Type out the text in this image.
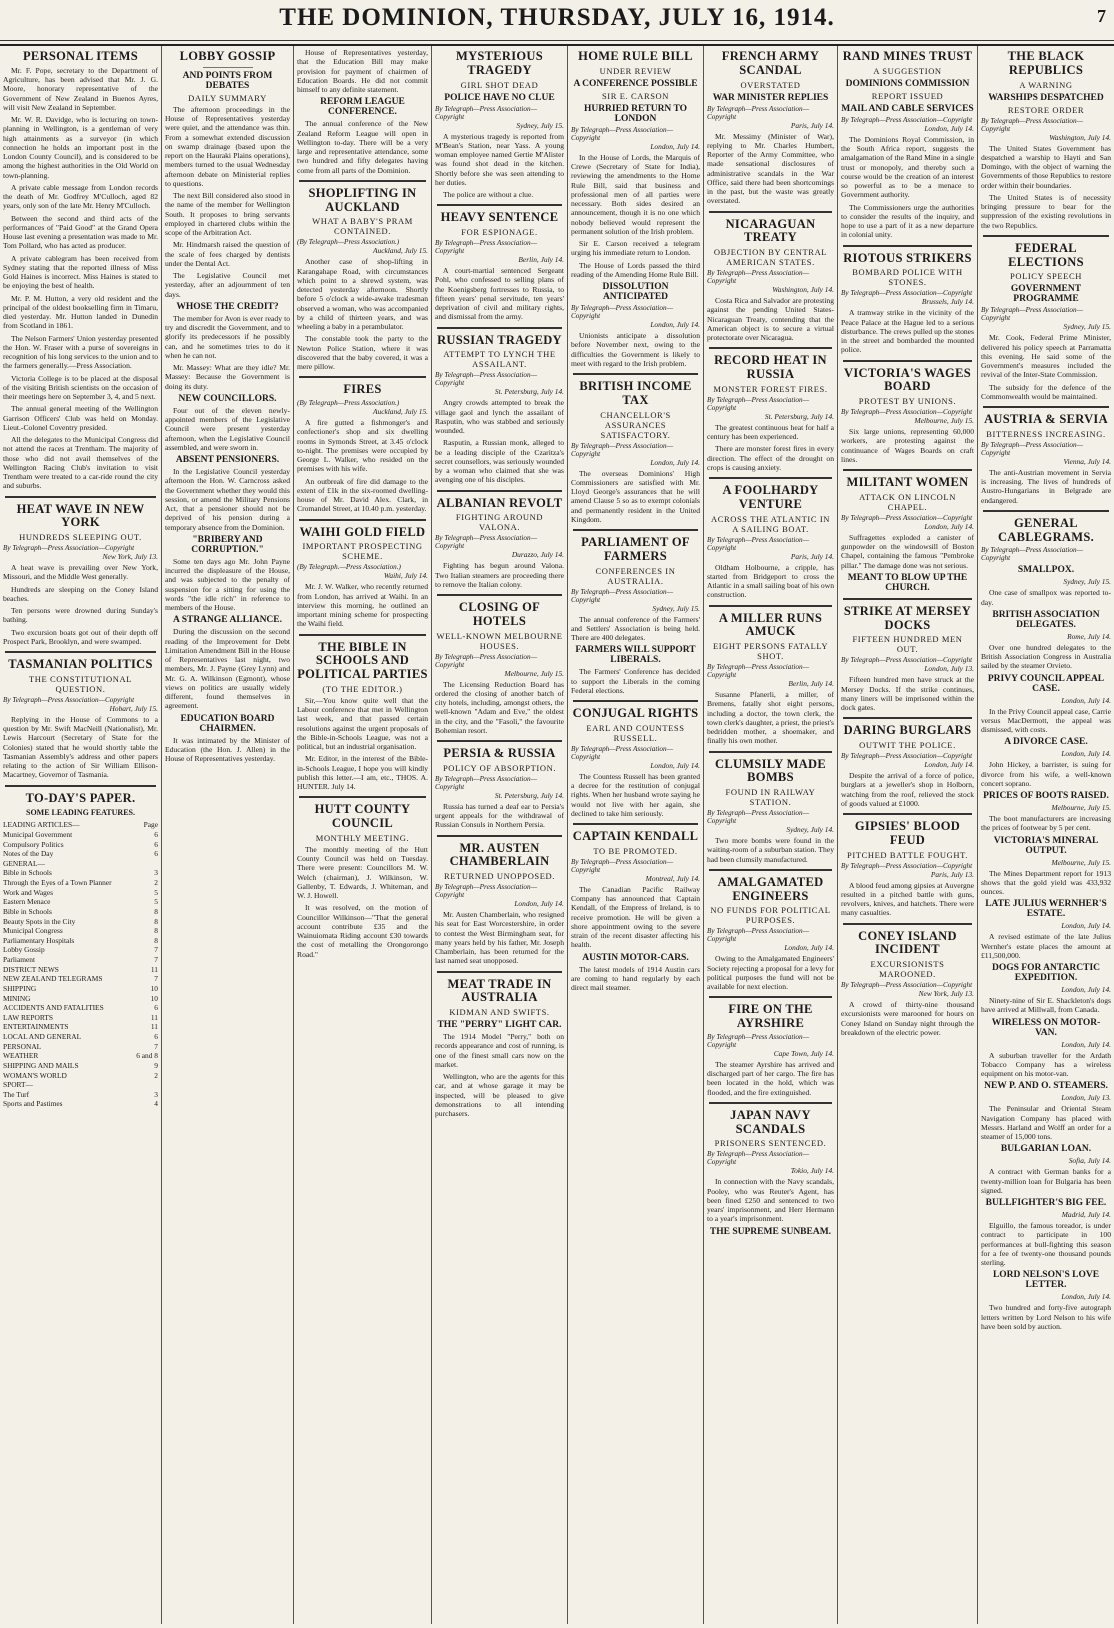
THE DOMINION, THURSDAY, JULY 16, 1914.	7
PERSONAL ITEMS

Mr. F. Pope, secretary to the Department of Agriculture, has been advised that Mr. J. G. Moore, honorary representative of the Government of New Zealand in Buenos Ayres, will visit New Zealand in September.

Mr. W. R. Davidge, who is lecturing on town-planning in Wellington, is a gentleman of very high attainments as a surveyor (in which connection he holds an important post in the London County Council), and is considered to be among the highest authorities in the Old World on town-planning.

A private cable message from London records the death of Mr. Godfrey M'Culloch, aged 82 years, only son of the late Mr. Henry M'Culloch.

Between the second and third acts of the performances of "Paid Good" at the Grand Opera House last evening a presentation was made to Mr. Tom Pollard, who has acted as producer.

A private cablegram has been received from Sydney stating that the reported illness of Miss Gold Haines is incorrect. Miss Haines is stated to be enjoying the best of health.

Mr. P. M. Hutton, a very old resident and the principal of the oldest bookselling firm in Timaru, died yesterday. Mr. Hutton landed in Dunedin from Scotland in 1861.

The Nelson Farmers' Union yesterday presented the Hon. W. Fraser with a purse of sovereigns in recognition of his long services to the union and to the farmers generally.—Press Association.

Victoria College is to be placed at the disposal of the visiting British scientists on the occasion of their meetings here on September 3, 4, and 5 next.

The annual general meeting of the Wellington Garrison Officers' Club was held on Monday. Lieut.-Colonel Coventry presided.

All the delegates to the Municipal Congress did not attend the races at Trentham. The majority of those who did not avail themselves of the Wellington Racing Club's invitation to visit Trentham were treated to a car-ride round the city and suburbs.

HEAT WAVE IN NEW YORK
HUNDREDS SLEEPING OUT.
By Telegraph—Press Association—Copyright
New York, July 13.

A heat wave is prevailing over New York, Missouri, and the Middle West generally.

Hundreds are sleeping on the Coney Island beaches.

Ten persons were drowned during Sunday's bathing.

Two excursion boats got out of their depth off Prospect Park, Brooklyn, and were swamped.

TASMANIAN POLITICS
THE CONSTITUTIONAL QUESTION.
By Telegraph—Press Association—Copyright
Hobart, July 15.

Replying in the House of Commons to a question by Mr. Swift MacNeill (Nationalist), Mr. Lewis Harcourt (Secretary of State for the Colonies) stated that he would shortly table the Tasmanian Assembly's address and other papers relating to the action of Sir William Ellison-Macartney, Governor of Tasmania.

TO-DAY'S PAPER.
SOME LEADING FEATURES.
LEADING ARTICLES—	Page
Municipal Government	6
Compulsory Politics	6
Notes of the Day	6
GENERAL—
Bible in Schools	3
Through the Eyes of a Town Planner	2
Work and Wages	5
Eastern Menace	5
Bible in Schools	8
Beauty Spots in the City	8
Municipal Congress	8
Parliamentary Hospitals	8
Lobby Gossip	7
Parliament	7
DISTRICT NEWS	11
NEW ZEALAND TELEGRAMS	7
SHIPPING	10
MINING	10
ACCIDENTS AND FATALITIES	6
LAW REPORTS	11
ENTERTAINMENTS	11
LOCAL AND GENERAL	6
PERSONAL	7
WEATHER	6 and 8
SHIPPING AND MAILS	9
WOMAN'S WORLD	2
SPORT—
The Turf	3
Sports and Pastimes	4
LOBBY GOSSIP
AND POINTS FROM DEBATES
DAILY SUMMARY

The afternoon proceedings in the House of Representatives yesterday were quiet, and the attendance was thin. From a somewhat extended discussion on swamp drainage (based upon the report on the Hauraki Plains operations), members turned to the usual Wednesday afternoon debate on Ministerial replies to questions.

The next Bill considered also stood in the name of the member for Wellington South. It proposes to bring servants employed in chartered clubs within the scope of the Arbitration Act.

Mr. Hindmarsh raised the question of the scale of fees charged by dentists under the Dental Act.

The Legislative Council met yesterday, after an adjournment of ten days.

WHOSE THE CREDIT?

The member for Avon is ever ready to try and discredit the Government, and to glorify its predecessors if he possibly can, and he sometimes tries to do it when he can not.

Mr. Massey: What are they idle? Mr. Massey: Because the Government is doing its duty.

NEW COUNCILLORS.

Four out of the eleven newly-appointed members of the Legislative Council were present yesterday afternoon, when the Legislative Council assembled, and were sworn in.

ABSENT PENSIONERS.

In the Legislative Council yesterday afternoon the Hon. W. Carncross asked the Government whether they would this session, or amend the Military Pensions Act, that a pensioner should not be deprived of his pension during a temporary absence from the Dominion.

"BRIBERY AND CORRUPTION."

Some ten days ago Mr. John Payne incurred the displeasure of the House, and was subjected to the penalty of suspension for a sitting for using the words "the idle rich" in reference to members of the House.

A STRANGE ALLIANCE.

During the discussion on the second reading of the Improvement for Debt Limitation Amendment Bill in the House of Representatives last night, two members, Mr. J. Payne (Grey Lynn) and Mr. G. A. Wilkinson (Egmont), whose views on politics are usually widely different, found themselves in agreement.

EDUCATION BOARD CHAIRMEN.

It was intimated by the Minister of Education (the Hon. J. Allen) in the House of Representatives yesterday.

House of Representatives yesterday, that the Education Bill may make provision for payment of chairmen of Education Boards. He did not commit himself to any definite statement.

REFORM LEAGUE CONFERENCE.

The annual conference of the New Zealand Reform League will open in Wellington to-day. There will be a very large and representative attendance, some two hundred and fifty delegates having come from all parts of the Dominion.

SHOPLIFTING IN AUCKLAND
WHAT A BABY'S PRAM CONTAINED.
(By Telegraph—Press Association.)
Auckland, July 15.

Another case of shop-lifting in Karangahape Road, with circumstances which point to a shrewd system, was detected yesterday afternoon. Shortly before 5 o'clock a wide-awake tradesman observed a woman, who was accompanied by a child of thirteen years, and was wheeling a baby in a perambulator.

The constable took the party to the Newton Police Station, where it was discovered that the baby covered, it was a mere pillow.

FIRES
(By Telegraph—Press Association.)
Auckland, July 15.

A fire gutted a fishmonger's and confectioner's shop and six dwelling rooms in Symonds Street, at 3.45 o'clock to-night. The premises were occupied by George L. Walker, who resided on the premises with his wife.

An outbreak of fire did damage to the extent of £1k in the six-roomed dwelling-house of Mr. David Alex. Clark, in Cromandel Street, at 10.40 p.m. yesterday.

WAIHI GOLD FIELD
IMPORTANT PROSPECTING SCHEME.
(By Telegraph.—Press Association.)
Waihi, July 14.

Mr. J. W. Walker, who recently returned from London, has arrived at Waihi. In an interview this morning, he outlined an important mining scheme for prospecting the Waihi field.

THE BIBLE IN SCHOOLS AND POLITICAL PARTIES
(TO THE EDITOR.)

Sir,—You know quite well that the Labour conference that met in Wellington last week, and that passed certain resolutions against the urgent proposals of the Bible-in-Schools League, was not a political, but an industrial organisation.

Mr. Editor, in the interest of the Bible-in-Schools League, I hope you will kindly publish this letter.—I am, etc., THOS. A. HUNTER. July 14.

HUTT COUNTY COUNCIL
MONTHLY MEETING.

The monthly meeting of the Hutt County Council was held on Tuesday. There were present: Councillors M. W. Welch (chairman), J. Wilkinson, W. Gallenby, T. Edwards, J. Whiteman, and W. J. Howell.

It was resolved, on the motion of Councillor Wilkinson—"That the general account contribute £35 and the Wainuiomata Riding account £30 towards the cost of metalling the Orongorongo Road."

MYSTERIOUS TRAGEDY
GIRL SHOT DEAD
POLICE HAVE NO CLUE
By Telegraph—Press Association—Copyright
Sydney, July 15.

A mysterious tragedy is reported from M'Bean's Station, near Yass. A young woman employee named Gertie M'Alister was found shot dead in the kitchen. Shortly before she was seen attending to her duties.

The police are without a clue.

HEAVY SENTENCE
FOR ESPIONAGE.
By Telegraph—Press Association—Copyright
Berlin, July 14.

A court-martial sentenced Sergeant Pohl, who confessed to selling plans of the Koenigsberg fortresses to Russia, to fifteen years' penal servitude, ten years' deprivation of civil and military rights, and dismissal from the army.

RUSSIAN TRAGEDY
ATTEMPT TO LYNCH THE ASSAILANT.
By Telegraph—Press Association—Copyright
St. Petersburg, July 14.

Angry crowds attempted to break the village gaol and lynch the assailant of Rasputin, who was stabbed and seriously wounded.

Rasputin, a Russian monk, alleged to be a leading disciple of the Czaritza's secret counsellors, was seriously wounded by a woman who claimed that she was avenging one of his disciples.

ALBANIAN REVOLT
FIGHTING AROUND VALONA.
By Telegraph—Press Association—Copyright
Durazzo, July 14.

Fighting has begun around Valona. Two Italian steamers are proceeding there to remove the Italian colony.

CLOSING OF HOTELS
WELL-KNOWN MELBOURNE HOUSES.
By Telegraph—Press Association—Copyright
Melbourne, July 15.

The Licensing Reduction Board has ordered the closing of another batch of city hotels, including, amongst others, the well-known "Adam and Eve," the oldest in the city, and the "Fasoli," the favourite Bohemian resort.

PERSIA & RUSSIA
POLICY OF ABSORPTION.
By Telegraph—Press Association—Copyright
St. Petersburg, July 14.

Russia has turned a deaf ear to Persia's urgent appeals for the withdrawal of Russian Consuls in Northern Persia.

MR. AUSTEN CHAMBERLAIN
RETURNED UNOPPOSED.
By Telegraph—Press Association—Copyright
London, July 14.

Mr. Austen Chamberlain, who resigned his seat for East Worcestershire, in order to contest the West Birmingham seat, for many years held by his father, Mr. Joseph Chamberlain, has been returned for the last named seat unopposed.

MEAT TRADE IN AUSTRALIA
KIDMAN AND SWIFTS.
THE "PERRY" LIGHT CAR.

The 1914 Model "Perry," both on records appearance and cost of running, is one of the finest small cars now on the market.

Wellington, who are the agents for this car, and at whose garage it may be inspected, will be pleased to give demonstrations to all intending purchasers.

HOME RULE BILL
UNDER REVIEW
A CONFERENCE POSSIBLE
SIR E. CARSON
HURRIED RETURN TO LONDON
By Telegraph—Press Association—Copyright
London, July 14.

In the House of Lords, the Marquis of Crewe (Secretary of State for India), reviewing the amendments to the Home Rule Bill, said that business and professional men of all parties were necessary. Both sides desired an announcement, though it is no one which nobody believed would represent the permanent solution of the Irish problem.

Sir E. Carson received a telegram urging his immediate return to London.

The House of Lords passed the third reading of the Amending Home Rule Bill.

DISSOLUTION ANTICIPATED
By Telegraph—Press Association—Copyright
London, July 14.

Unionists anticipate a dissolution before November next, owing to the difficulties the Government is likely to meet with regard to the Irish problem.

BRITISH INCOME TAX
CHANCELLOR'S ASSURANCES SATISFACTORY.
By Telegraph—Press Association—Copyright
London, July 14.

The overseas Dominions' High Commissioners are satisfied with Mr. Lloyd George's assurances that he will amend Clause 5 so as to exempt colonials and permanently resident in the United Kingdom.

PARLIAMENT OF FARMERS
CONFERENCES IN AUSTRALIA.
By Telegraph—Press Association—Copyright
Sydney, July 15.

The annual conference of the Farmers' and Settlers' Association is being held. There are 400 delegates.

FARMERS WILL SUPPORT LIBERALS.

The Farmers' Conference has decided to support the Liberals in the coming Federal elections.

CONJUGAL RIGHTS
EARL AND COUNTESS RUSSELL.
By Telegraph—Press Association—Copyright
London, July 14.

The Countess Russell has been granted a decree for the restitution of conjugal rights. When her husband wrote saying he would not live with her again, she declined to take him seriously.

CAPTAIN KENDALL
TO BE PROMOTED.
By Telegraph—Press Association—Copyright
Montreal, July 14.

The Canadian Pacific Railway Company has announced that Captain Kendall, of the Empress of Ireland, is to receive promotion. He will be given a shore appointment owing to the severe strain of the recent disaster affecting his health.

AUSTIN MOTOR-CARS.

The latest models of 1914 Austin cars are coming to hand regularly by each direct mail steamer.

FRENCH ARMY SCANDAL
OVERSTATED
WAR MINISTER REPLIES
By Telegraph—Press Association—Copyright
Paris, July 14.

Mr. Messimy (Minister of War), replying to Mr. Charles Humbert, Reporter of the Army Committee, who made sensational disclosures of administrative scandals in the War Office, said there had been shortcomings in the past, but the waste was greatly overstated.

NICARAGUAN TREATY
OBJECTION BY CENTRAL AMERICAN STATES.
By Telegraph—Press Association—Copyright
Washington, July 14.

Costa Rica and Salvador are protesting against the pending United States-Nicaraguan Treaty, contending that the American object is to secure a virtual protectorate over Nicaragua.

RECORD HEAT IN RUSSIA
MONSTER FOREST FIRES.
By Telegraph—Press Association—Copyright
St. Petersburg, July 14.

The greatest continuous heat for half a century has been experienced.

There are monster forest fires in every direction. The effect of the drought on crops is causing anxiety.

A FOOLHARDY VENTURE
ACROSS THE ATLANTIC IN A SAILING BOAT.
By Telegraph—Press Association—Copyright
Paris, July 14.

Oldham Holbourne, a cripple, has started from Bridgeport to cross the Atlantic in a small sailing boat of his own construction.

A MILLER RUNS AMUCK
EIGHT PERSONS FATALLY SHOT.
By Telegraph—Press Association—Copyright
Berlin, July 14.

Susanne Pfanerli, a miller, of Bremens, fatally shot eight persons, including a doctor, the town clerk, the town clerk's daughter, a priest, the priest's bedridden mother, a shoemaker, and finally his own mother.

CLUMSILY MADE BOMBS
FOUND IN RAILWAY STATION.
By Telegraph—Press Association—Copyright
Sydney, July 14.

Two more bombs were found in the waiting-room of a suburban station. They had been clumsily manufactured.

AMALGAMATED ENGINEERS
NO FUNDS FOR POLITICAL PURPOSES.
By Telegraph—Press Association—Copyright
London, July 14.

Owing to the Amalgamated Engineers' Society rejecting a proposal for a levy for political purposes the fund will not be available for next election.

FIRE ON THE AYRSHIRE
By Telegraph—Press Association—Copyright
Cape Town, July 14.

The steamer Ayrshire has arrived and discharged part of her cargo. The fire has been located in the hold, which was flooded, and the fire extinguished.

JAPAN NAVY SCANDALS
PRISONERS SENTENCED.
By Telegraph—Press Association—Copyright
Tokio, July 14.

In connection with the Navy scandals, Pooley, who was Reuter's Agent, has been fined £250 and sentenced to two years' imprisonment, and Herr Hermann to a year's imprisonment.

THE SUPREME SUNBEAM.
RAND MINES TRUST
A SUGGESTION
DOMINIONS COMMISSION
REPORT ISSUED
MAIL AND CABLE SERVICES
By Telegraph—Press Association—Copyright
London, July 14.

The Dominions Royal Commission, in the South Africa report, suggests the amalgamation of the Rand Mine in a single trust or monopoly, and thereby such a course would be the creation of an interest so powerful as to be a menace to Government authority.

The Commissioners urge the authorities to consider the results of the inquiry, and hope to use a part of it as a new departure in colonial unity.

RIOTOUS STRIKERS
BOMBARD POLICE WITH STONES.
By Telegraph—Press Association—Copyright
Brussels, July 14.

A tramway strike in the vicinity of the Peace Palace at the Hague led to a serious disturbance. The crews pulled up the stones in the street and bombarded the mounted police.

VICTORIA'S WAGES BOARD
PROTEST BY UNIONS.
By Telegraph—Press Association—Copyright
Melbourne, July 15.

Six large unions, representing 60,000 workers, are protesting against the continuance of Wages Boards on craft lines.

MILITANT WOMEN
ATTACK ON LINCOLN CHAPEL.
By Telegraph—Press Association—Copyright
London, July 14.

Suffragettes exploded a canister of gunpowder on the windowsill of Boston Chapel, containing the famous "Pembroke pillar." The damage done was not serious.

MEANT TO BLOW UP THE CHURCH.
STRIKE AT MERSEY DOCKS
FIFTEEN HUNDRED MEN OUT.
By Telegraph—Press Association—Copyright
London, July 13.

Fifteen hundred men have struck at the Mersey Docks. If the strike continues, many liners will be imprisoned within the dock gates.

DARING BURGLARS
OUTWIT THE POLICE.
By Telegraph—Press Association—Copyright
London, July 14.

Despite the arrival of a force of police, burglars at a jeweller's shop in Holborn, watching from the roof, relieved the stock of goods valued at £1000.

GIPSIES' BLOOD FEUD
PITCHED BATTLE FOUGHT.
By Telegraph—Press Association—Copyright
Paris, July 13.

A blood feud among gipsies at Auvergne resulted in a pitched battle with guns, revolvers, knives, and hatchets. There were many casualties.

CONEY ISLAND INCIDENT
EXCURSIONISTS MAROONED.
By Telegraph—Press Association—Copyright
New York, July 13.

A crowd of thirty-nine thousand excursionists were marooned for hours on Coney Island on Sunday night through the breakdown of the electric power.

THE BLACK REPUBLICS
A WARNING
WARSHIPS DESPATCHED
RESTORE ORDER
By Telegraph—Press Association—Copyright
Washington, July 14.

The United States Government has despatched a warship to Hayti and San Domingo, with the object of warning the Governments of those Republics to restore order within their boundaries.

The United States is of necessity bringing pressure to bear for the suppression of the existing revolutions in the two Republics.

FEDERAL ELECTIONS
POLICY SPEECH
GOVERNMENT PROGRAMME
By Telegraph—Press Association—Copyright
Sydney, July 15.

Mr. Cook, Federal Prime Minister, delivered his policy speech at Parramatta this evening. He said some of the Government's measures included the revival of the Inter-State Commission.

The subsidy for the defence of the Commonwealth would be maintained.

AUSTRIA & SERVIA
BITTERNESS INCREASING.
By Telegraph—Press Association—Copyright
Vienna, July 14.

The anti-Austrian movement in Servia is increasing. The lives of hundreds of Austro-Hungarians in Belgrade are endangered.

GENERAL CABLEGRAMS.
By Telegraph—Press Association—Copyright
SMALLPOX.
Sydney, July 15.

One case of smallpox was reported to-day.

BRITISH ASSOCIATION DELEGATES.
Rome, July 14.

Over one hundred delegates to the British Association Congress in Australia sailed by the steamer Orvieto.

PRIVY COUNCIL APPEAL CASE.
London, July 14.

In the Privy Council appeal case, Carrie versus MacDermott, the appeal was dismissed, with costs.

A DIVORCE CASE.
London, July 14.

John Hickey, a barrister, is suing for divorce from his wife, a well-known concert soprano.

PRICES OF BOOTS RAISED.
Melbourne, July 15.

The boot manufacturers are increasing the prices of footwear by 5 per cent.

VICTORIA'S MINERAL OUTPUT.
Melbourne, July 15.

The Mines Department report for 1913 shows that the gold yield was 433,932 ounces.

LATE JULIUS WERNHER'S ESTATE.
London, July 14.

A revised estimate of the late Julius Wernher's estate places the amount at £11,500,000.

DOGS FOR ANTARCTIC EXPEDITION.
London, July 14.

Ninety-nine of Sir E. Shackleton's dogs have arrived at Millwall, from Canada.

WIRELESS ON MOTOR-VAN.
London, July 14.

A suburban traveller for the Ardath Tobacco Company has a wireless equipment on his motor-van.

NEW P. AND O. STEAMERS.
London, July 13.

The Peninsular and Oriental Steam Navigation Company has placed with Messrs. Harland and Wolff an order for a steamer of 15,000 tons.

BULGARIAN LOAN.
Sofia, July 14.

A contract with German banks for a twenty-million loan for Bulgaria has been signed.

BULLFIGHTER'S BIG FEE.
Madrid, July 14.

Elguillo, the famous toreador, is under contract to participate in 100 performances at bull-fighting this season for a fee of twenty-one thousand pounds sterling.

LORD NELSON'S LOVE LETTER.
London, July 14.

Two hundred and forty-five autograph letters written by Lord Nelson to his wife have been sold by auction.
